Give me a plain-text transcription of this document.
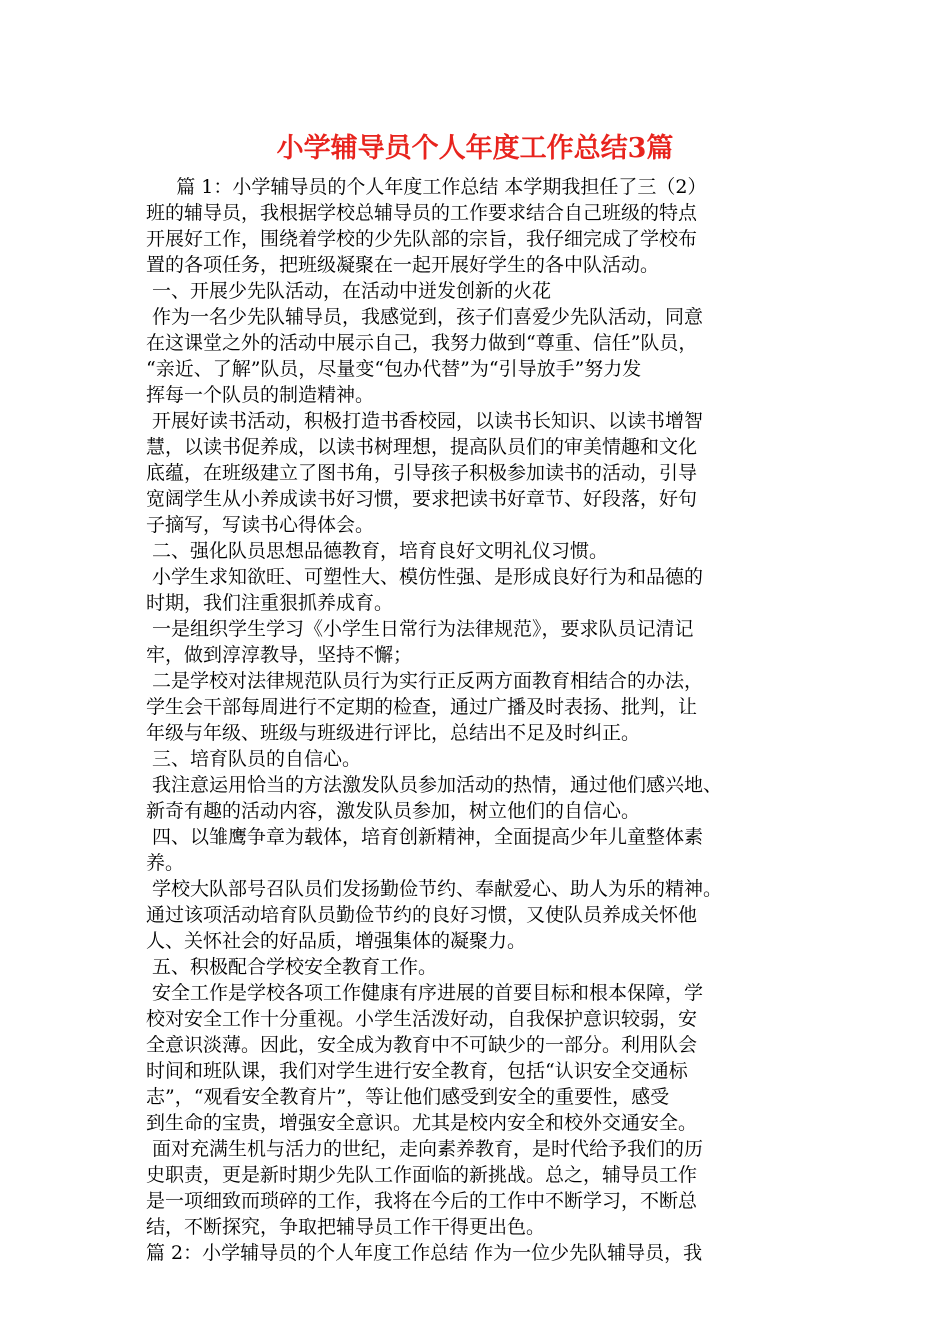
小学辅导员个人年度工作总结3篇
篇 1：小学辅导员的个人年度工作总结 本学期我担任了三（2）
班的辅导员，我根据学校总辅导员的工作要求结合自己班级的特点
开展好工作，围绕着学校的少先队部的宗旨，我仔细完成了学校布
置的各项任务，把班级凝聚在一起开展好学生的各中队活动。
一、开展少先队活动，在活动中迸发创新的火花
作为一名少先队辅导员，我感觉到，孩子们喜爱少先队活动，同意
在这课堂之外的活动中展示自己，我努力做到“尊重、信任”队员，
“亲近、了解”队员，尽量变“包办代替”为“引导放手”努力发
挥每一个队员的制造精神。
开展好读书活动，积极打造书香校园，以读书长知识、以读书增智
慧，以读书促养成，以读书树理想，提高队员们的审美情趣和文化
底蕴，在班级建立了图书角，引导孩子积极参加读书的活动，引导
宽阔学生从小养成读书好习惯，要求把读书好章节、好段落，好句
子摘写，写读书心得体会。
二、强化队员思想品德教育，培育良好文明礼仪习惯。
小学生求知欲旺、可塑性大、模仿性强、是形成良好行为和品德的
时期，我们注重狠抓养成育。
一是组织学生学习《小学生日常行为法律规范》，要求队员记清记
牢，做到淳淳教导，坚持不懈；
二是学校对法律规范队员行为实行正反两方面教育相结合的办法，
学生会干部每周进行不定期的检查，通过广播及时表扬、批判，让
年级与年级、班级与班级进行评比，总结出不足及时纠正。
三、培育队员的自信心。
我注意运用恰当的方法激发队员参加活动的热情，通过他们感兴地、
新奇有趣的活动内容，激发队员参加，树立他们的自信心。
四、以雏鹰争章为载体，培育创新精神，全面提高少年儿童整体素
养。
学校大队部号召队员们发扬勤俭节约、奉献爱心、助人为乐的精神。
通过该项活动培育队员勤俭节约的良好习惯，又使队员养成关怀他
人、关怀社会的好品质，增强集体的凝聚力。
五、积极配合学校安全教育工作。
安全工作是学校各项工作健康有序进展的首要目标和根本保障，学
校对安全工作十分重视。小学生活泼好动，自我保护意识较弱，安
全意识淡薄。因此，安全成为教育中不可缺少的一部分。利用队会
时间和班队课，我们对学生进行安全教育，包括“认识安全交通标
志”，“观看安全教育片”，等让他们感受到安全的重要性，感受
到生命的宝贵，增强安全意识。尤其是校内安全和校外交通安全。
面对充满生机与活力的世纪，走向素养教育，是时代给予我们的历
史职责，更是新时期少先队工作面临的新挑战。总之，辅导员工作
是一项细致而琐碎的工作，我将在今后的工作中不断学习，不断总
结，不断探究，争取把辅导员工作干得更出色。
篇 2：小学辅导员的个人年度工作总结 作为一位少先队辅导员，我
